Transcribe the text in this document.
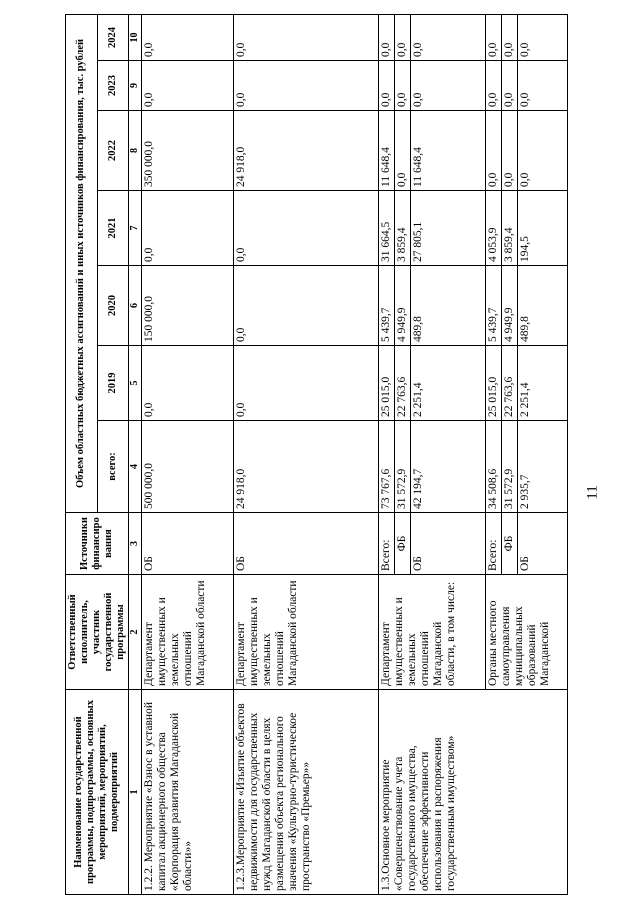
11
Наименование государственной программы, подпрограммы, основных мероприятий, мероприятий, подмероприятий	Ответственный исполнитель, участник государственной программы	Источники финансиро вания	Объем областных бюджетных ассигнований и иных источников финансирования, тыс. рублей						
			всего:	2019	2020	2021	2022	2023	2024
1	2	3	4	5	6	7	8	9	10
1.2.2. Мероприятие «Взнос в уставной капитал акционерного общества «Корпорация развития Магаданской области»»	Департамент имущественных и земельных отношений Магаданской области	ОБ	500 000,0	0,0	150 000,0	0,0	350 000,0	0,0	0,0
1.2.3.Мероприятие «Изъятие объектов недвижимости для государственных нужд Магаданской области в целях размещения объекта регионального значения «Культурно-туристическое пространство «Премьер»»	Департамент имущественных и земельных отношений Магаданской области	ОБ	24 918,0	0,0	0,0	0,0	24 918,0	0,0	0,0
1.3.Основное мероприятие «Совершенствование учета государственного имущества, обеспечение эффективности использования и распоряжения государственным имуществом»	Департамент имущественных и земельных отношений Магаданской области, в том числе:	Всего:	73 767,6	25 015,0	5 439,7	31 664,5	11 648,4	0,0	0,0
		ФБ	31 572,9	22 763,6	4 949,9	3 859,4	0,0	0,0	0,0
		ОБ	42 194,7	2 251,4	489,8	27 805,1	11 648,4	0,0	0,0
	Органы местного самоуправления муниципальных образований Магаданской	Всего:	34 508,6	25 015,0	5 439,7	4 053,9	0,0	0,0	0,0
		ФБ	31 572,9	22 763,6	4 949,9	3 859,4	0,0	0,0	0,0
		ОБ	2 935,7	2 251,4	489,8	194,5	0,0	0,0	0,0
